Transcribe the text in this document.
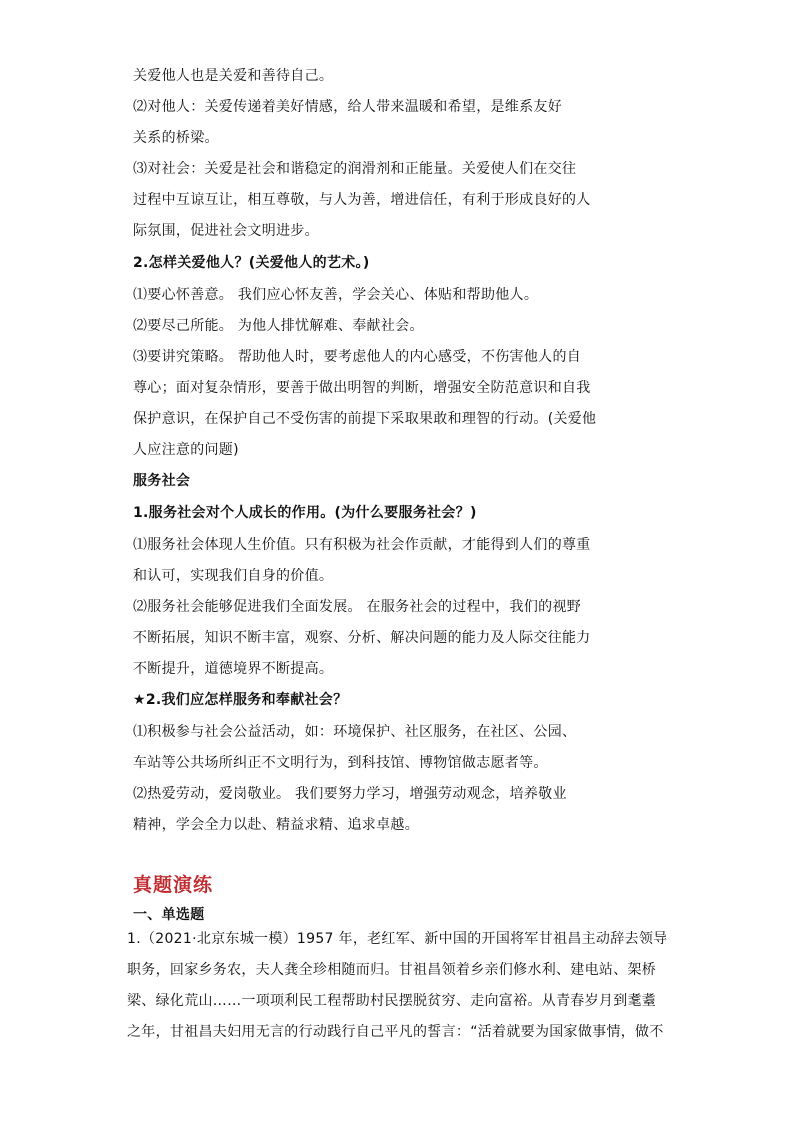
关爱他人也是关爱和善待自己。
⑵对他人：关爱传递着美好情感，给人带来温暖和希望，是维系友好
关系的桥梁。
⑶对社会：关爱是社会和谐稳定的润滑剂和正能量。关爱使人们在交往
过程中互谅互让，相互尊敬，与人为善，增进信任，有利于形成良好的人
际氛围，促进社会文明进步。
2.怎样关爱他人？(关爱他人的艺术。)
⑴要心怀善意。 我们应心怀友善，学会关心、体贴和帮助他人。
⑵要尽己所能。 为他人排忧解难、奉献社会。
⑶要讲究策略。 帮助他人时，要考虑他人的内心感受，不伤害他人的自
尊心；面对复杂情形，要善于做出明智的判断，增强安全防范意识和自我
保护意识，在保护自己不受伤害的前提下采取果敢和理智的行动。(关爱他
人应注意的问题)
服务社会
1.服务社会对个人成长的作用。(为什么要服务社会？)
⑴服务社会体现人生价值。只有积极为社会作贡献，才能得到人们的尊重
和认可，实现我们自身的价值。
⑵服务社会能够促进我们全面发展。 在服务社会的过程中，我们的视野
不断拓展，知识不断丰富，观察、分析、解决问题的能力及人际交往能力
不断提升，道德境界不断提高。
★2.我们应怎样服务和奉献社会？
⑴积极参与社会公益活动，如：环境保护、社区服务，在社区、公园、
车站等公共场所纠正不文明行为，到科技馆、博物馆做志愿者等。
⑵热爱劳动，爱岗敬业。 我们要努力学习，增强劳动观念，培养敬业
精神，学会全力以赴、精益求精、追求卓越。
真题演练
一、单选题
1.（2021·北京东城一模）1957 年，老红军、新中国的开国将军甘祖昌主动辞去领导
职务，回家乡务农，夫人龚全珍相随而归。甘祖昌领着乡亲们修水利、建电站、架桥
梁、绿化荒山……一项项利民工程帮助村民摆脱贫穷、走向富裕。从青春岁月到耄耋
之年，甘祖昌夫妇用无言的行动践行自己平凡的誓言：“活着就要为国家做事情，做不
